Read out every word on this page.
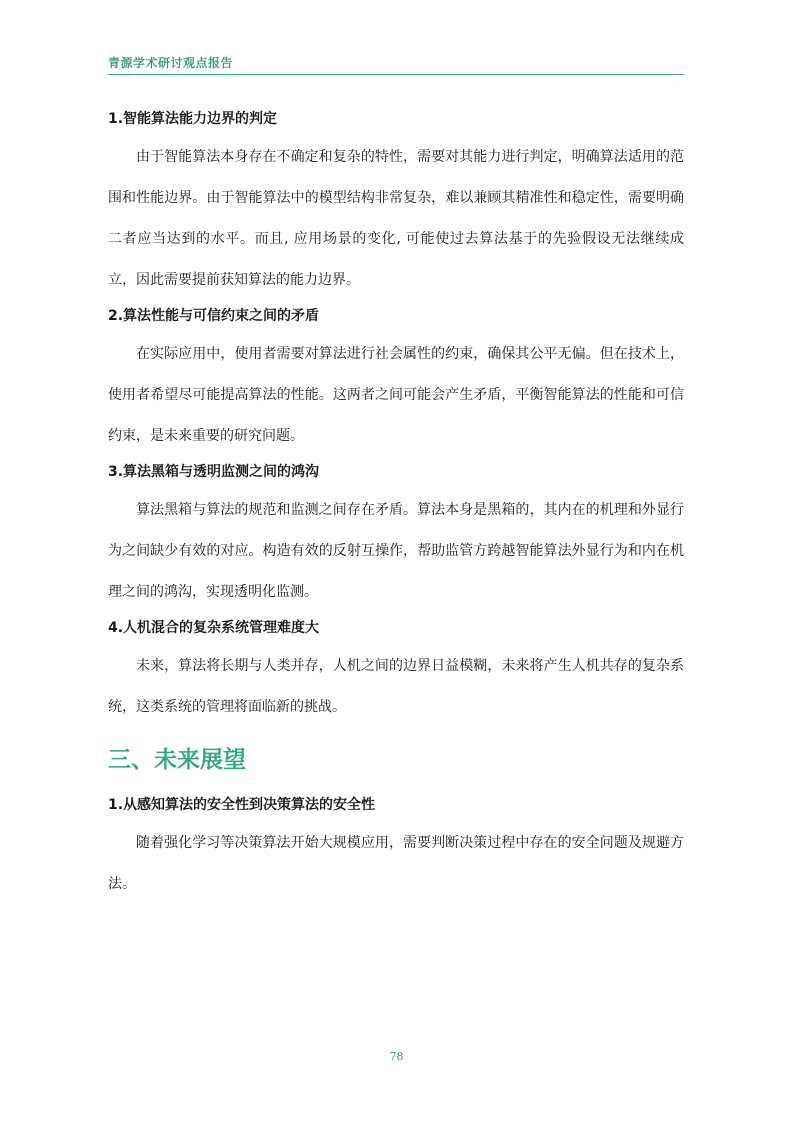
青源学术研讨观点报告

1.智能算法能力边界的判定

由于智能算法本身存在不确定和复杂的特性，需要对其能力进行判定，明确算法适用的范围和性能边界。由于智能算法中的模型结构非常复杂，难以兼顾其精准性和稳定性，需要明确二者应当达到的水平。而且, 应用场景的变化, 可能使过去算法基于的先验假设无法继续成立，因此需要提前获知算法的能力边界。

2.算法性能与可信约束之间的矛盾

在实际应用中，使用者需要对算法进行社会属性的约束，确保其公平无偏。但在技术上，使用者希望尽可能提高算法的性能。这两者之间可能会产生矛盾，平衡智能算法的性能和可信约束，是未来重要的研究问题。

3.算法黑箱与透明监测之间的鸿沟

算法黑箱与算法的规范和监测之间存在矛盾。算法本身是黑箱的，其内在的机理和外显行为之间缺少有效的对应。构造有效的反射互操作，帮助监管方跨越智能算法外显行为和内在机理之间的鸿沟，实现透明化监测。

4.人机混合的复杂系统管理难度大

未来，算法将长期与人类并存，人机之间的边界日益模糊，未来将产生人机共存的复杂系统，这类系统的管理将面临新的挑战。

三、未来展望

1.从感知算法的安全性到决策算法的安全性

随着强化学习等决策算法开始大规模应用，需要判断决策过程中存在的安全问题及规避方法。

78
